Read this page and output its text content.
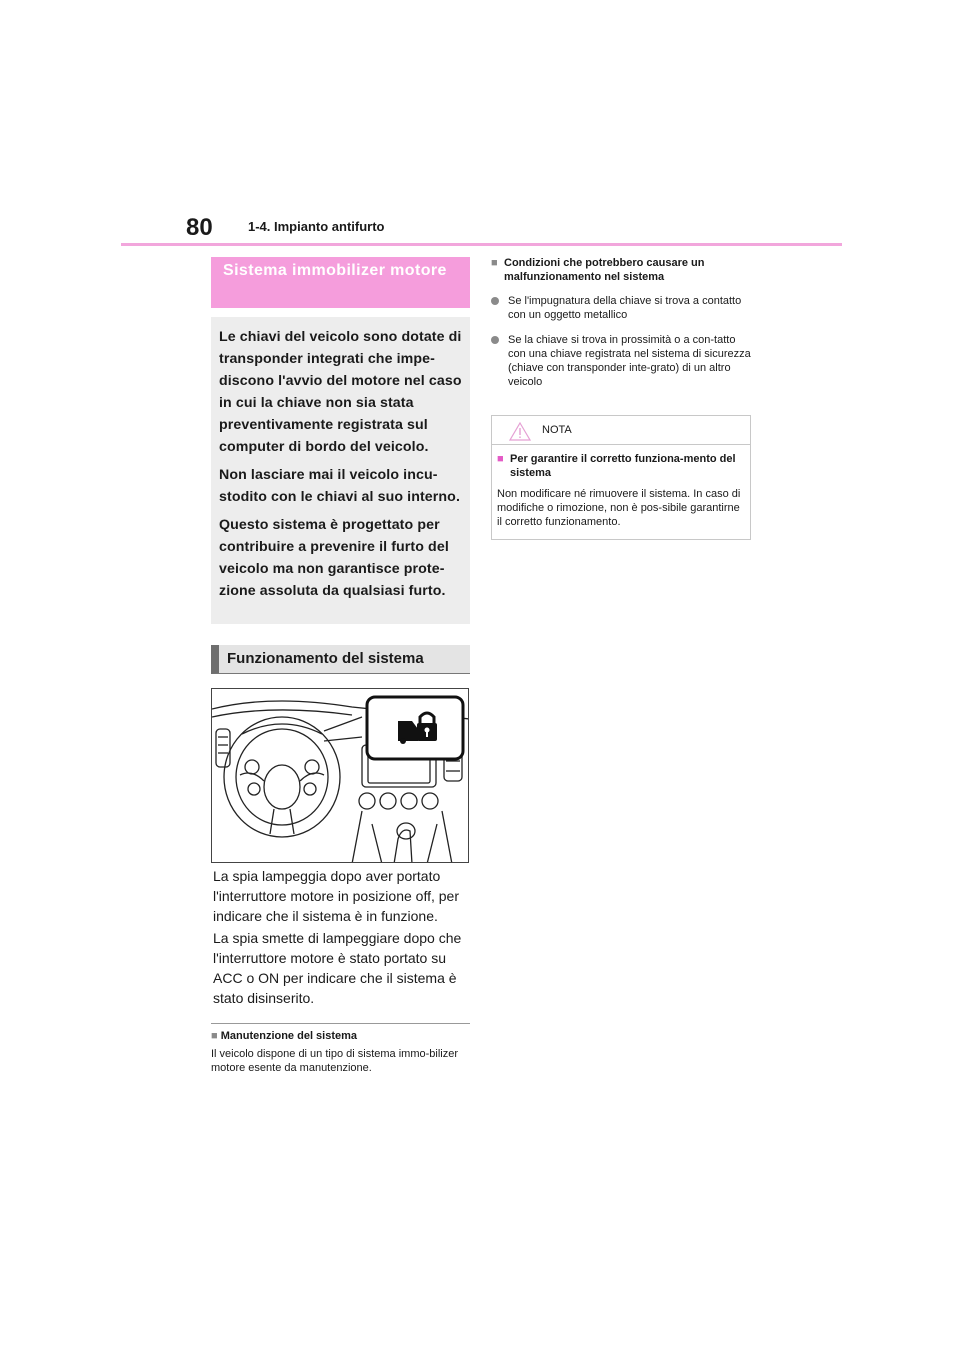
80	1-4. Impianto antifurto
Sistema immobilizer motore

Le chiavi del veicolo sono dotate di transponder integrati che impe-discono l'avvio del motore nel caso in cui la chiave non sia stata preventivamente registrata sul computer di bordo del veicolo.

Non lasciare mai il veicolo incu-stodito con le chiavi al suo interno.

Questo sistema è progettato per contribuire a prevenire il furto del veicolo ma non garantisce prote-zione assoluta da qualsiasi furto.

Funzionamento del sistema
La spia lampeggia dopo aver portato l'interruttore motore in posizione off, per indicare che il sistema è in funzione.
La spia smette di lampeggiare dopo che l'interruttore motore è stato portato su ACC o ON per indicare che il sistema è stato disinserito.
■ Manutenzione del sistema
Il veicolo dispone di un tipo di sistema immo-bilizer motore esente da manutenzione.
■ Condizioni che potrebbero causare un malfunzionamento nel sistema
Se l'impugnatura della chiave si trova a contatto con un oggetto metallico
Se la chiave si trova in prossimità o a con-tatto con una chiave registrata nel sistema di sicurezza (chiave con transponder inte-grato) di un altro veicolo
NOTA
■ Per garantire il corretto funziona-mento del sistema
Non modificare né rimuovere il sistema. In caso di modifiche o rimozione, non è pos-sibile garantirne il corretto funzionamento.
